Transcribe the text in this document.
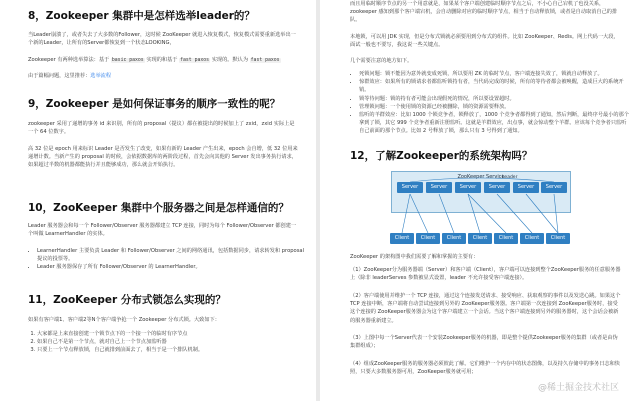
8，Zookeeper 集群中是怎样选举leader的？

当Leader崩溃了，或者失去了大多数的Follower，这时候 ZooKeeper 就进入恢复模式，恢复模式需要重新选举出一个新的Leader，让所有的Server都恢复到一个状态LOOKING，

Zookeeper 有两种选举算法：基于 basic paxos 实现的和基于 fast paxos 实现的。默认为 fast paxos

由于篇幅问题，这里推荐：选举流程

9，Zookeeper 是如何保证事务的顺序一致性的呢？

zookeeper 采用了递增的事务 id 来识别，所有的 proposal（提议）都在被提出的时候加上了 zxid，zxid 实际上是一个 64 位数字。

高 32 位是 epoch 用来标识 Leader 是否发生了改变，如果有新的 Leader 产生出来，epoch 会自增，低 32 位用来递增计数。当新产生的 proposal 的时候，会依据数据库的两阶段过程，首先会向其他的 Server 发出事务执行请求，如果超过半数的机器都能执行并且能够成功，那么就会开始执行。

10，ZooKeeper 集群中个服务器之间是怎样通信的？

Leader 服务器会和每一个 Follower/Observer 服务器都建立 TCP 连接，同时为每个 Follower/Observer 都创建一个叫做 LearnerHandler 的实体。

• LearnerHandler 主要负责 Leader 和 Follower/Observer 之间的网络通讯，包括数据同步，请求转发和 proposal 提议的投票等。
• Leader 服务器保存了所有 Follower/Observer 的 LearnerHandler。
11，ZooKeeper 分布式锁怎么实现的？

如果有客户端1、客户端2等N个客户端争抢一个 Zookeeper 分布式锁。大致如下：

1. 大家都是上来直接创建一个锁节点下的一个接一个的临时有序节点
2. 如果自己不是第一个节点，就对自己上一个节点加监听器
3. 只要上一个节点释放锁，自己就排到前面去了，相当于是一个排队机制。

而且用临时顺序节点的另一个用意就是，如果某个客户端创建临时顺序节点之后，不小心自己宕机了也没关系，zookeeper 感知到那个客户端宕机，会自动删除对应的临时顺序节点，相当于自动释放锁，或者是自动取消自己的排队。

本地锁，可以用 JDK 实现，但是分布式锁就必须要用到分布式的组件。比如 ZooKeeper、Redis。网上代码一大段，面试一般也不要写，我这说一些关键点。

几个需要注意的地方如下。

• 死锁问题：锁不能因为意外就变成死锁，所以要用 ZK 的临时节点，客户端连接失效了，锁就自动释放了。
• 惊群效应：如果所有的锁请求者都监听锁持有者，当代码完成的时候，所有的等待者都会被唤醒，造成巨大的系统开销。
• 锁等待问题：锁的持有者可能会出现假死的情况，所以要设置超时。
• 管理锁问题：一个使用锁的资源已经被删除，锁的资源需要释放。
• 监听的羊群效应：比如 1000 个锁竞争者，锁释放了，1000 个竞争者都得到了通知，然后判断，最终序号最小的那个拿到了锁，其它 999 个竞争者重新注册监听。这就是羊群效应，出点事，就会惊动整个羊群。应该每个竞争者只监听自己前面的那个节点。比如 2 号释放了锁，那么只有 3 号得到了通知。
12，了解Zookeeper的系统架构吗？
ZooKeeper Service
Leader
Server	Server	Server	Server	Server	Server
Client	Client	Client	Client	Client	Client	Client

ZooKeeper 的架构图中我们需要了解和掌握的主要有：

（1）ZooKeeper分为服务器端（Server）和客户端（Client），客户端可以连接到整个ZooKeeper服务的任意服务器上（除非 leaderServes 参数被显式设置，leader 不允许接受客户端连接）。

（2）客户端使用并维护一个 TCP 连接，通过这个连接发送请求、接受响应、获取观察的事件以及发送心跳。如果这个 TCP 连接中断，客户端将自动尝试连接到另外的 ZooKeeper服务器。客户端第一次连接到 ZooKeeper服务时，接受这个连接的 ZooKeeper服务器会为这个客户端建立一个会话。当这个客户端连接到另外的服务器时，这个会话会被新的服务器重新建立。

（3）上图中每一个Server代表一个安装Zookeeper服务的机器，即是整个提供Zookeeper服务的集群（或者是由伪集群组成）；

（4）组成ZooKeeper服务的服务器必须彼此了解。它们维护一个内存中的状态图像，以及持久存储中的事务日志和快照，只要大多数服务器可用，ZooKeeper服务就可用；

@稀土掘金技术社区
